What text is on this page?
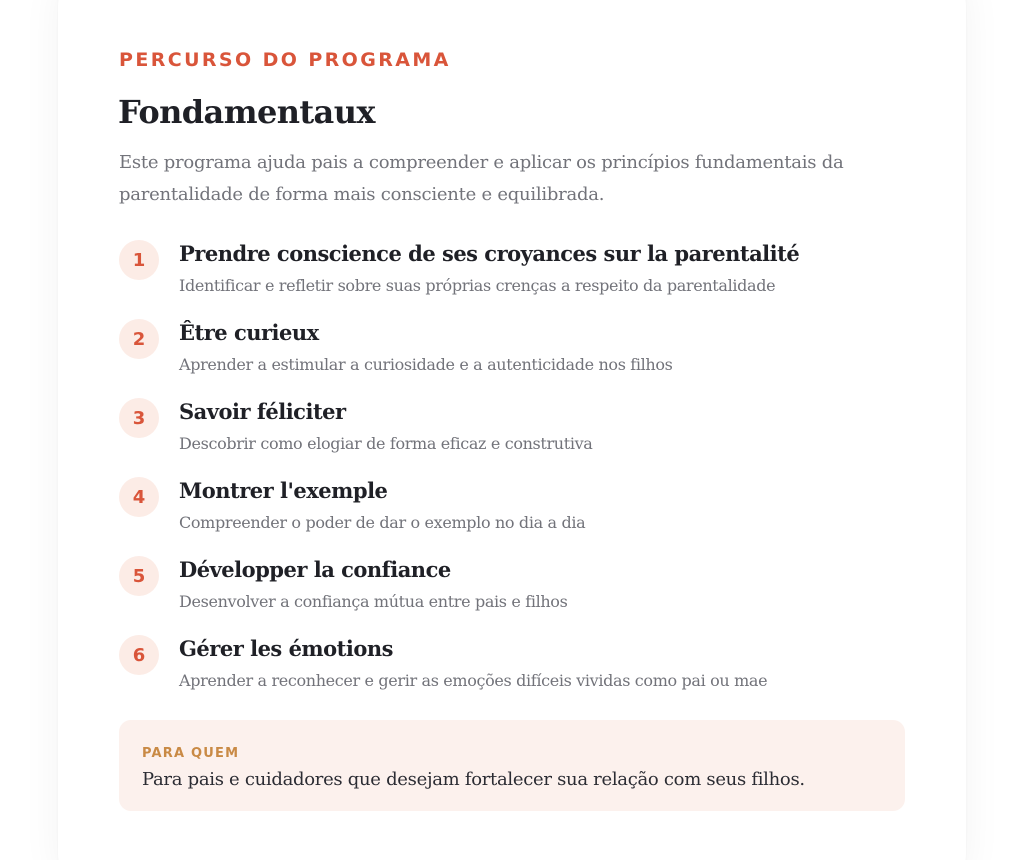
PERCURSO DO PROGRAMA

Fondamentaux

Este programa ajuda pais a compreender e aplicar os princípios fundamentais da parentalidade de forma mais consciente e equilibrada.

1	Prendre conscience de ses croyances sur la parentalité
Identificar e refletir sobre suas próprias crenças a respeito da parentalidade
2	Être curieux
Aprender a estimular a curiosidade e a autenticidade nos filhos
3	Savoir féliciter
Descobrir como elogiar de forma eficaz e construtiva
4	Montrer l'exemple
Compreender o poder de dar o exemplo no dia a dia
5	Développer la confiance
Desenvolver a confiança mútua entre pais e filhos
6	Gérer les émotions
Aprender a reconhecer e gerir as emoções difíceis vividas como pai ou mae
PARA QUEM
Para pais e cuidadores que desejam fortalecer sua relação com seus filhos.
